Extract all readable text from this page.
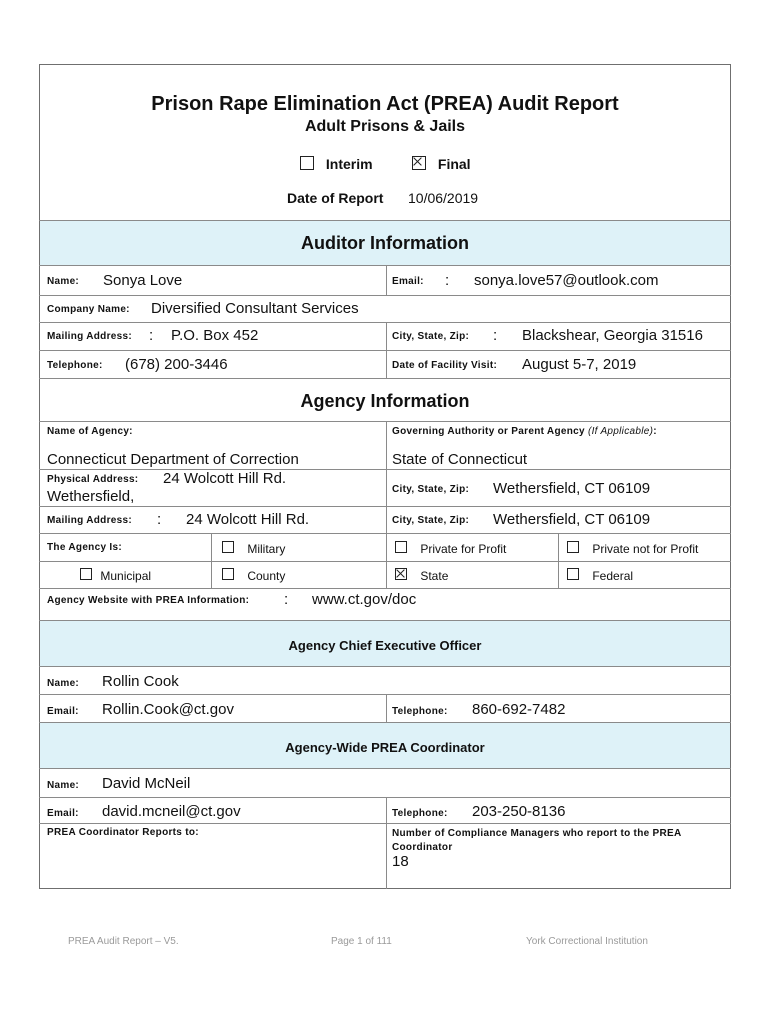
Prison Rape Elimination Act (PREA) Audit Report
Adult Prisons & Jails
Interim	Final
Date of Report 10/06/2019
Auditor Information
Name: Sonya Love	Email: : sonya.love57@outlook.com
Company Name: Diversified Consultant Services
Mailing Address: : P.O. Box 452	City, State, Zip: : Blackshear, Georgia 31516
Telephone: (678) 200-3446	Date of Facility Visit: August 5-7, 2019
Agency Information
Name of Agency:
Connecticut Department of Correction
Governing Authority or Parent Agency (If Applicable):
State of Connecticut
Physical Address: 24 Wolcott Hill Rd.
Wethersfield,	City, State, Zip: Wethersfield, CT 06109
Mailing Address: : 24 Wolcott Hill Rd.	City, State, Zip: Wethersfield, CT 06109
The Agency Is:	Military	Private for Profit	Private not for Profit
Municipal	County	State	Federal
Agency Website with PREA Information: : www.ct.gov/doc
Agency Chief Executive Officer
Name: Rollin Cook
Email: Rollin.Cook@ct.gov	Telephone: 860-692-7482
Agency-Wide PREA Coordinator
Name: David McNeil
Email: david.mcneil@ct.gov	Telephone: 203-250-8136
PREA Coordinator Reports to:	Number of Compliance Managers who report to the PREA Coordinator
18
PREA Audit Report – V5.	Page 1 of 111	York Correctional Institution
